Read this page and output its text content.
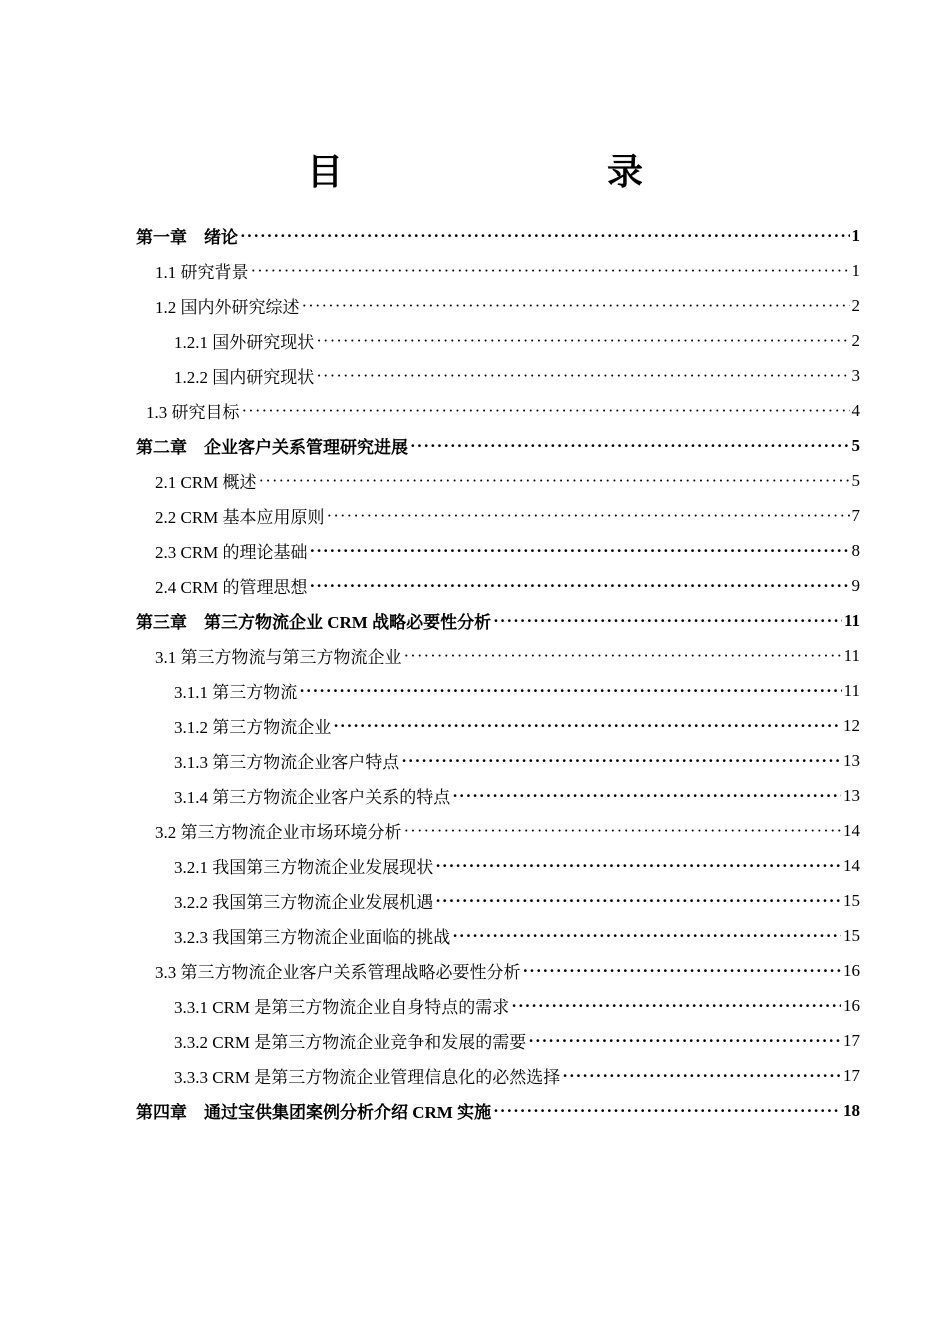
目　　录
第一章　绪论 ·····	1
1.1 研究背景 ·····	1
1.2 国内外研究综述 ·····	2
1.2.1 国外研究现状 ·····	2
1.2.2 国内研究现状 ·····	3
1.3 研究目标 ·····	4
第二章　企业客户关系管理研究进展 ·····	5
2.1 CRM 概述 ·····	5
2.2 CRM 基本应用原则 ·····	7
2.3 CRM 的理论基础 ·····	8
2.4 CRM 的管理思想 ·····	9
第三章　第三方物流企业 CRM 战略必要性分析 ·····	11
3.1 第三方物流与第三方物流企业 ·····	11
3.1.1 第三方物流 ·····	11
3.1.2 第三方物流企业 ·····	12
3.1.3 第三方物流企业客户特点 ·····	13
3.1.4 第三方物流企业客户关系的特点 ·····	13
3.2 第三方物流企业市场环境分析 ·····	14
3.2.1 我国第三方物流企业发展现状 ·····	14
3.2.2 我国第三方物流企业发展机遇 ·····	15
3.2.3 我国第三方物流企业面临的挑战 ·····	15
3.3 第三方物流企业客户关系管理战略必要性分析 ·····	16
3.3.1 CRM 是第三方物流企业自身特点的需求 ·····	16
3.3.2 CRM 是第三方物流企业竞争和发展的需要 ·····	17
3.3.3 CRM 是第三方物流企业管理信息化的必然选择 ·····	17
第四章　通过宝供集团案例分析介绍 CRM 实施 ·····	18
